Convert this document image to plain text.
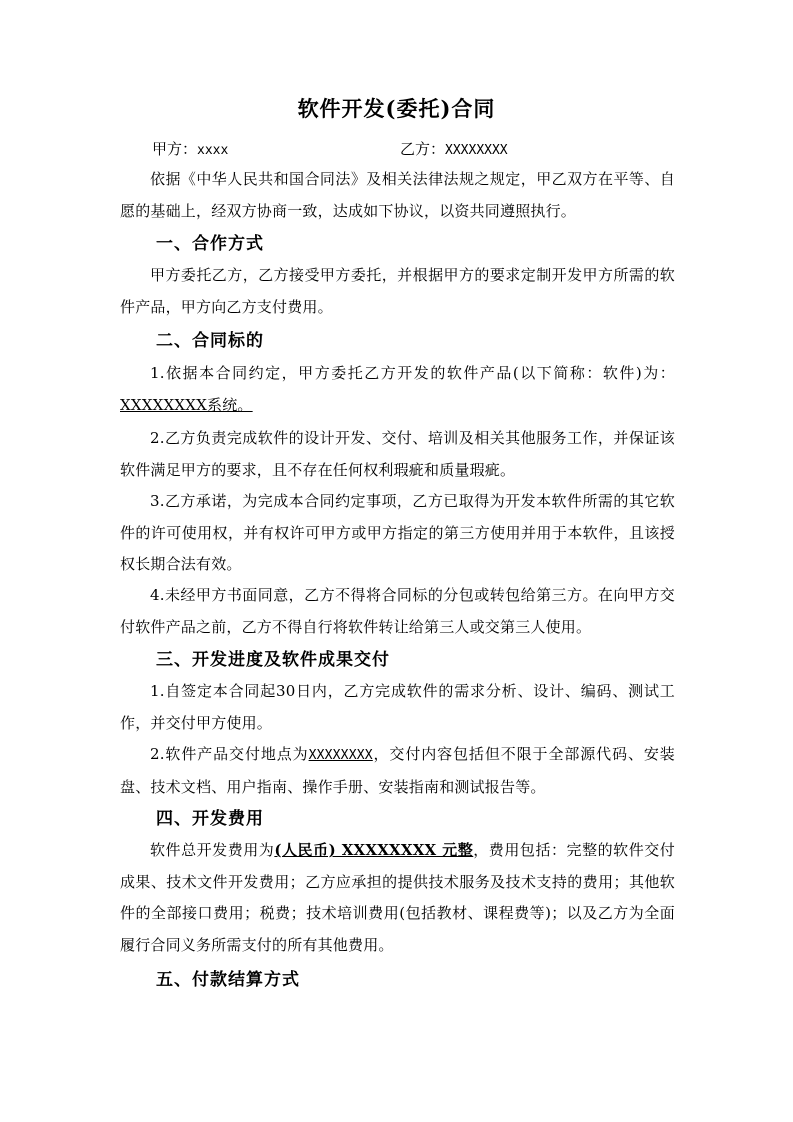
软件开发(委托)合同
甲方：xxxx	乙方：XXXXXXXX
依据《中华人民共和国合同法》及相关法律法规之规定，甲乙双方在平等、自愿的基础上，经双方协商一致，达成如下协议，以资共同遵照执行。
一、合作方式
甲方委托乙方，乙方接受甲方委托，并根据甲方的要求定制开发甲方所需的软件产品，甲方向乙方支付费用。
二、合同标的
1.依据本合同约定，甲方委托乙方开发的软件产品(以下简称：软件)为：XXXXXXXX系统。
2.乙方负责完成软件的设计开发、交付、培训及相关其他服务工作，并保证该软件满足甲方的要求，且不存在任何权利瑕疵和质量瑕疵。
3.乙方承诺，为完成本合同约定事项，乙方已取得为开发本软件所需的其它软件的许可使用权，并有权许可甲方或甲方指定的第三方使用并用于本软件，且该授权长期合法有效。
4.未经甲方书面同意，乙方不得将合同标的分包或转包给第三方。在向甲方交付软件产品之前，乙方不得自行将软件转让给第三人或交第三人使用。
三、开发进度及软件成果交付
1.自签定本合同起30日内，乙方完成软件的需求分析、设计、编码、测试工作，并交付甲方使用。
2.软件产品交付地点为XXXXXXXX，交付内容包括但不限于全部源代码、安装盘、技术文档、用户指南、操作手册、安装指南和测试报告等。
四、开发费用
软件总开发费用为(人民币) XXXXXXXX 元整，费用包括：完整的软件交付成果、技术文件开发费用；乙方应承担的提供技术服务及技术支持的费用；其他软件的全部接口费用；税费；技术培训费用(包括教材、课程费等)；以及乙方为全面履行合同义务所需支付的所有其他费用。
五、付款结算方式
